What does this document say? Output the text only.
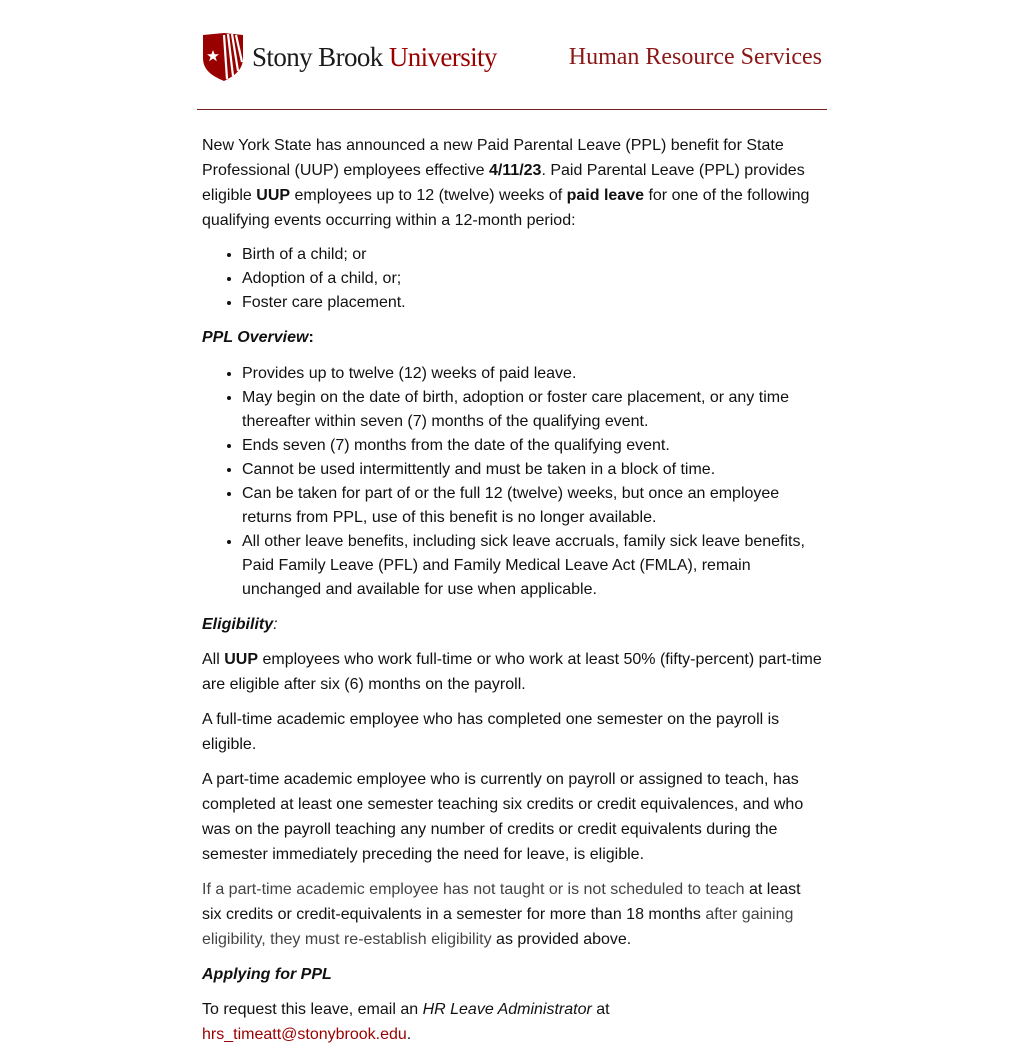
Stony Brook University	Human Resource Services

New York State has announced a new Paid Parental Leave (PPL) benefit for State Professional (UUP) employees effective 4/11/23. Paid Parental Leave (PPL) provides eligible UUP employees up to 12 (twelve) weeks of paid leave for one of the following qualifying events occurring within a 12-month period:

• Birth of a child; or
• Adoption of a child, or;
• Foster care placement.

PPL Overview:

• Provides up to twelve (12) weeks of paid leave.
• May begin on the date of birth, adoption or foster care placement, or any time thereafter within seven (7) months of the qualifying event.
• Ends seven (7) months from the date of the qualifying event.
• Cannot be used intermittently and must be taken in a block of time.
• Can be taken for part of or the full 12 (twelve) weeks, but once an employee returns from PPL, use of this benefit is no longer available.
• All other leave benefits, including sick leave accruals, family sick leave benefits, Paid Family Leave (PFL) and Family Medical Leave Act (FMLA), remain unchanged and available for use when applicable.

Eligibility:

All UUP employees who work full-time or who work at least 50% (fifty-percent) part-time are eligible after six (6) months on the payroll.

A full-time academic employee who has completed one semester on the payroll is eligible.

A part-time academic employee who is currently on payroll or assigned to teach, has completed at least one semester teaching six credits or credit equivalences, and who was on the payroll teaching any number of credits or credit equivalents during the semester immediately preceding the need for leave, is eligible.

If a part-time academic employee has not taught or is not scheduled to teach at least six credits or credit-equivalents in a semester for more than 18 months after gaining eligibility, they must re-establish eligibility as provided above.

Applying for PPL

To request this leave, email an HR Leave Administrator at hrs_timeatt@stonybrook.edu.
